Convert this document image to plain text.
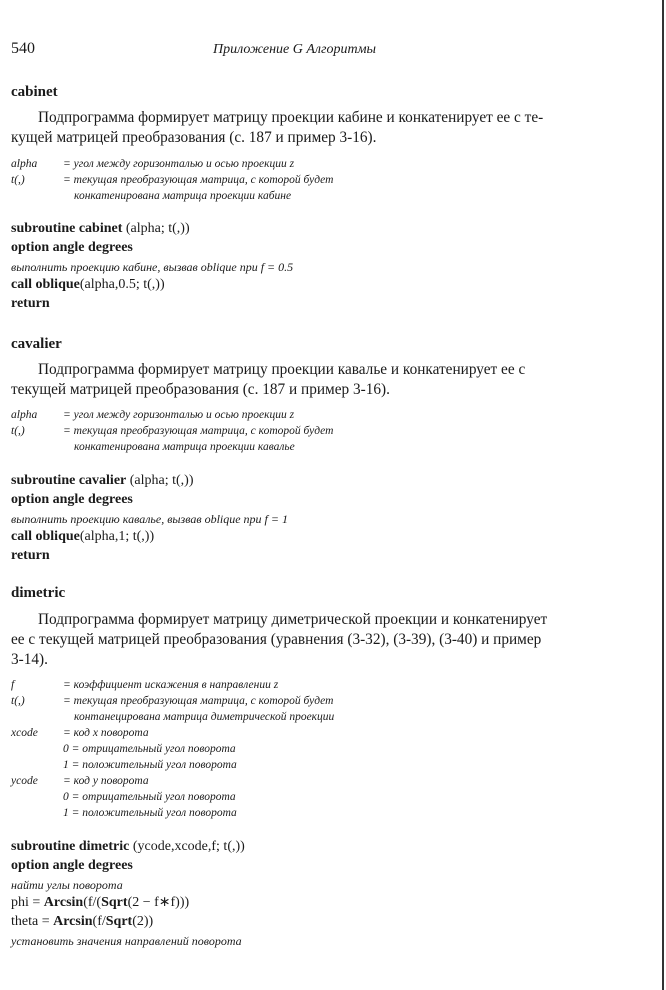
540	Приложение G Алгоритмы
cabinet
Подпрограмма формирует матрицу проекции кабине и конкатенирует ее с те-
кущей матрицей преобразования (с. 187 и пример 3-16).
alpha = угол между горизонталью и осью проекции z
t(,)	= текущая преобразующая матрица, с которой будет
конкатенирована матрица проекции кабине
subroutine cabinet (alpha; t(,))
option angle degrees
выполнить проекцию кабине, вызвав oblique при f = 0.5
call oblique(alpha,0.5; t(,))
return
cavalier
Подпрограмма формирует матрицу проекции кавалье и конкатенирует ее с
текущей матрицей преобразования (с. 187 и пример 3-16).
alpha = угол между горизонталью и осью проекции z
t(,)	= текущая преобразующая матрица, с которой будет
конкатенирована матрица проекции кавалье
subroutine cavalier (alpha; t(,))
option angle degrees
выполнить проекцию кавалье, вызвав oblique при f = 1
call oblique(alpha,1; t(,))
return
dimetric
Подпрограмма формирует матрицу диметрической проекции и конкатенирует
ее с текущей матрицей преобразования (уравнения (3-32), (3-39), (3-40) и пример
3-14).
f	= коэффициент искажения в направлении z
t(,)	= текущая преобразующая матрица, с которой будет
контанецирована матрица диметрической проекции
xcode = код x поворота
0 = отрицательный угол поворота
1 = положительный угол поворота
ycode = код y поворота
0 = отрицательный угол поворота
1 = положительный угол поворота
subroutine dimetric (ycode,xcode,f; t(,))
option angle degrees
найти углы поворота
phi = Arcsin(f/(Sqrt(2 − f∗f)))
theta = Arcsin(f/Sqrt(2))
установить значения направлений поворота
